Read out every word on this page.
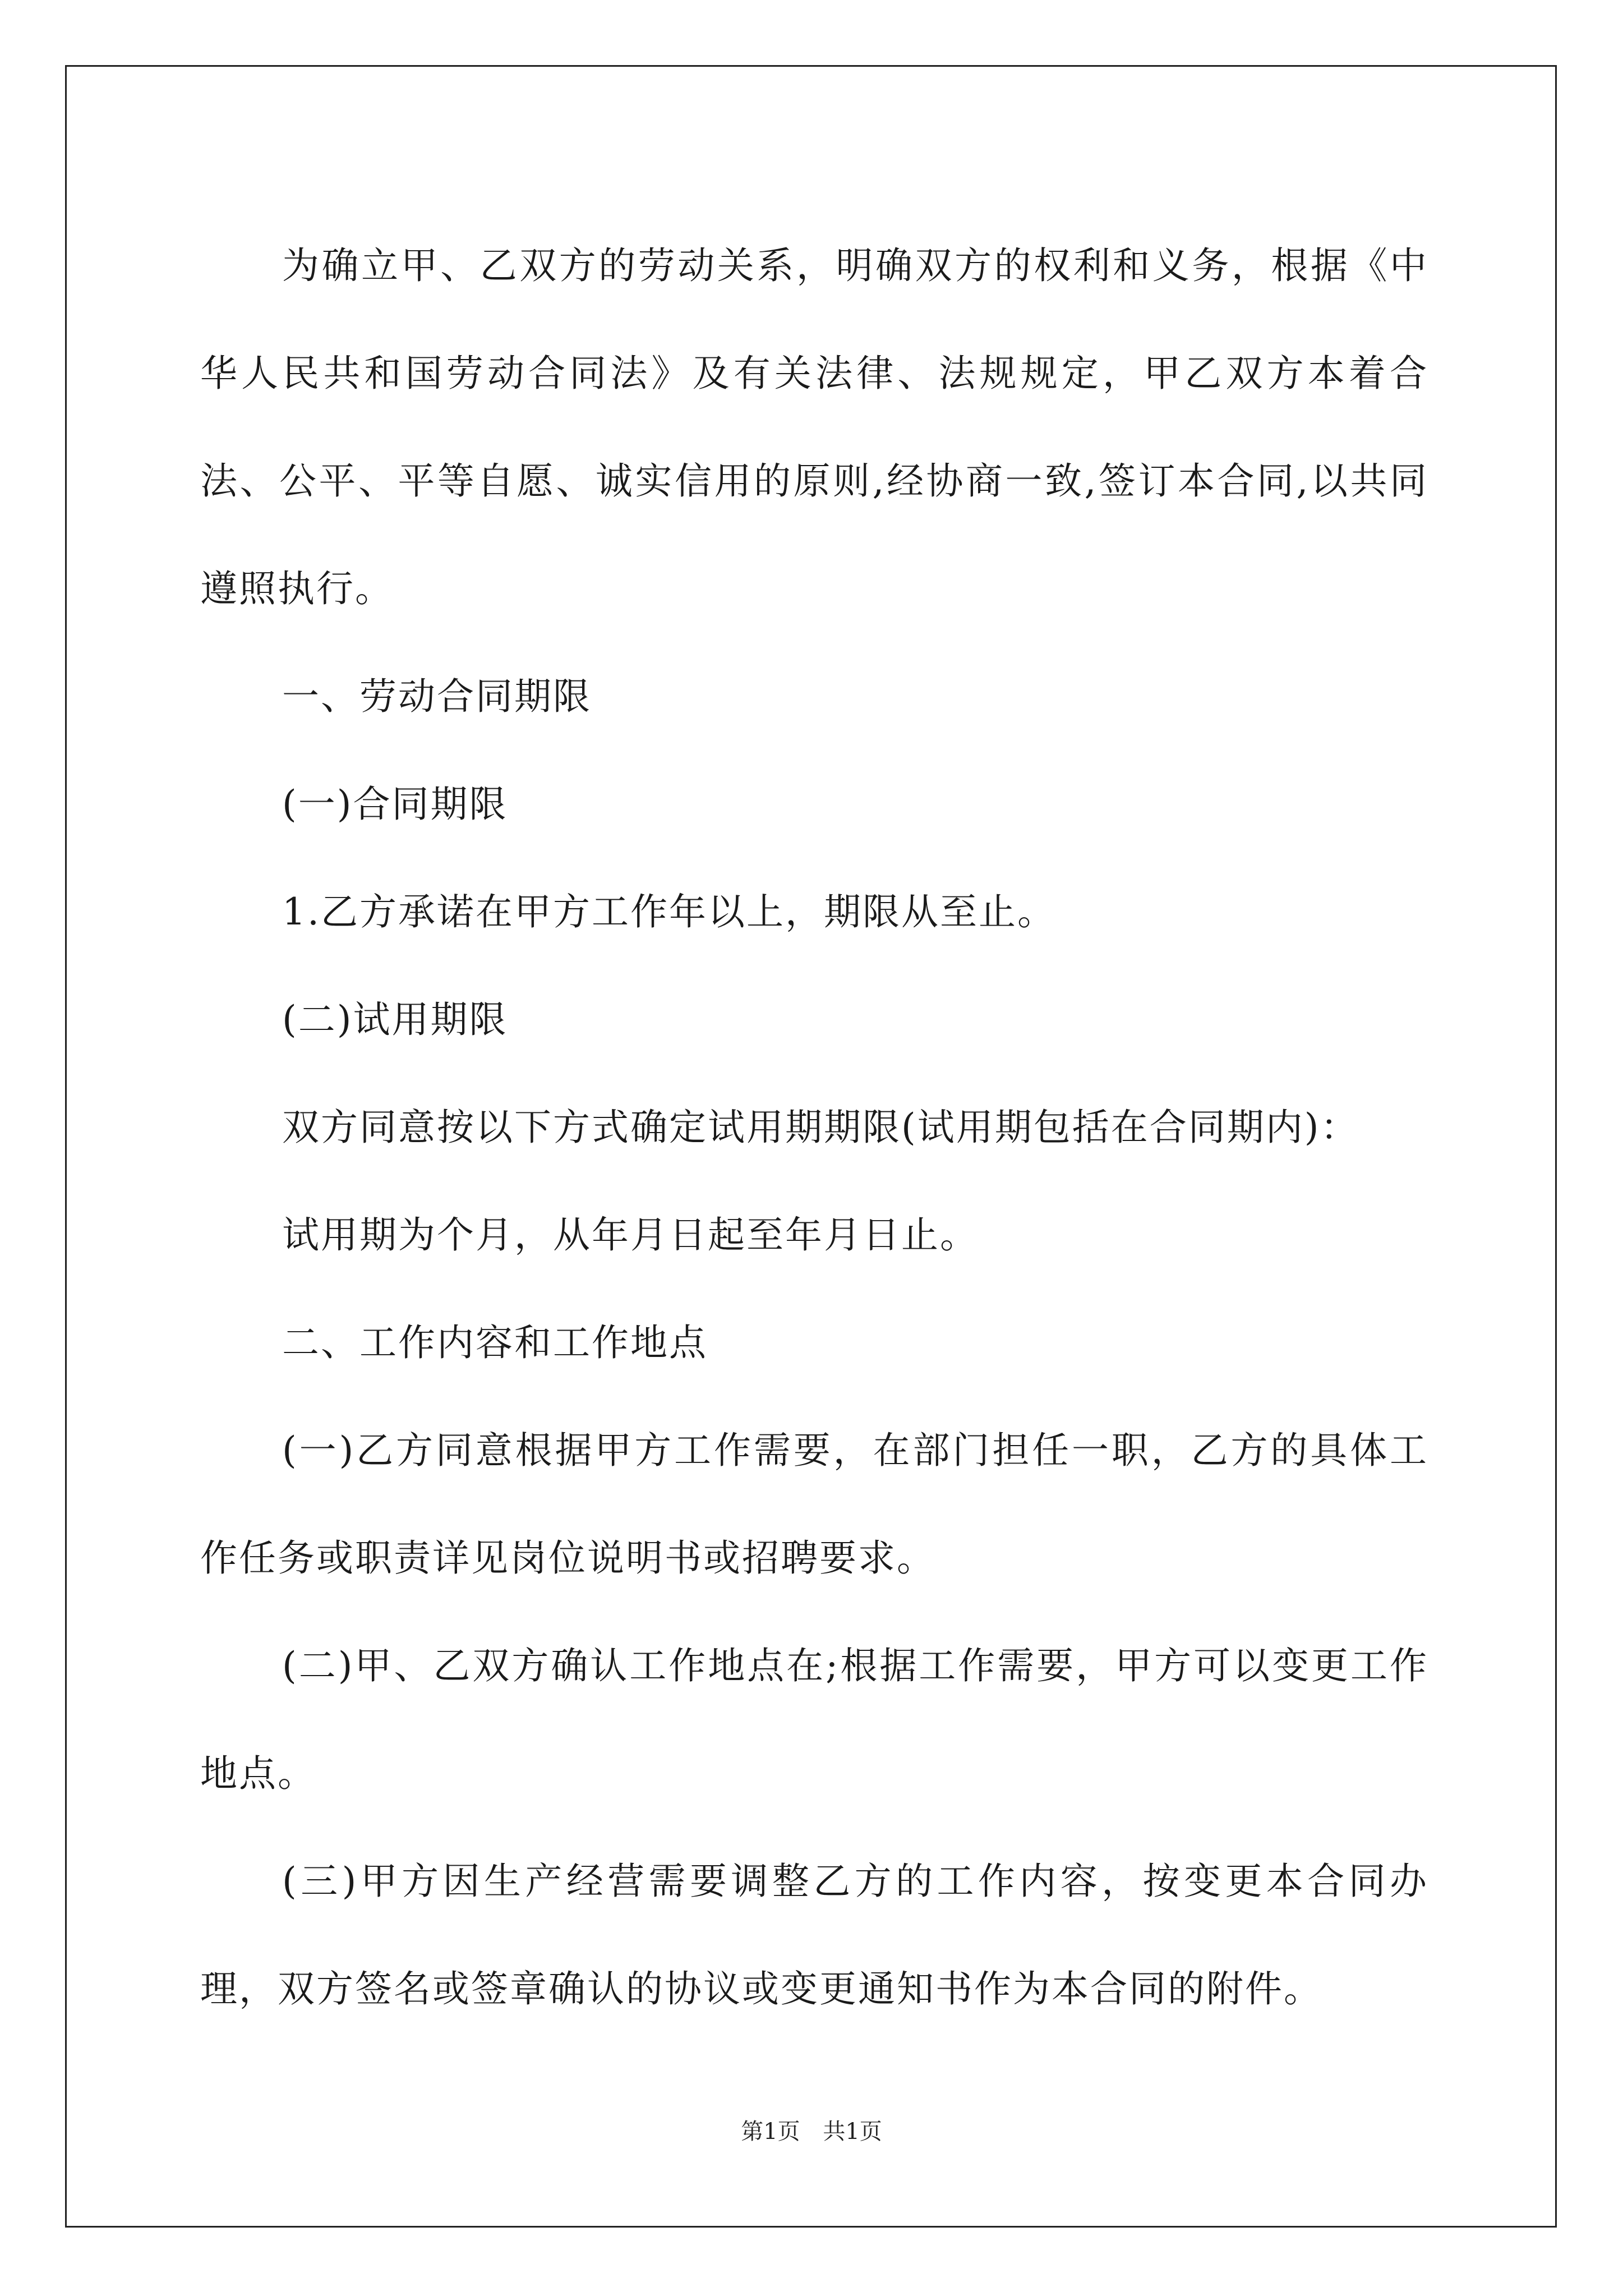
为确立甲、乙双方的劳动关系，明确双方的权利和义务，根据《中华人民共和国劳动合同法》及有关法律、法规规定，甲乙双方本着合法、公平、平等自愿、诚实信用的原则,经协商一致,签订本合同,以共同遵照执行。

一、劳动合同期限

(一)合同期限

1.乙方承诺在甲方工作年以上，期限从至止。

(二)试用期限

双方同意按以下方式确定试用期期限(试用期包括在合同期内)：

试用期为个月，从年月日起至年月日止。

二、工作内容和工作地点

(一)乙方同意根据甲方工作需要，在部门担任一职，乙方的具体工作任务或职责详见岗位说明书或招聘要求。

(二)甲、乙双方确认工作地点在;根据工作需要，甲方可以变更工作地点。

(三)甲方因生产经营需要调整乙方的工作内容，按变更本合同办理，双方签名或签章确认的协议或变更通知书作为本合同的附件。

第1页 共1页
